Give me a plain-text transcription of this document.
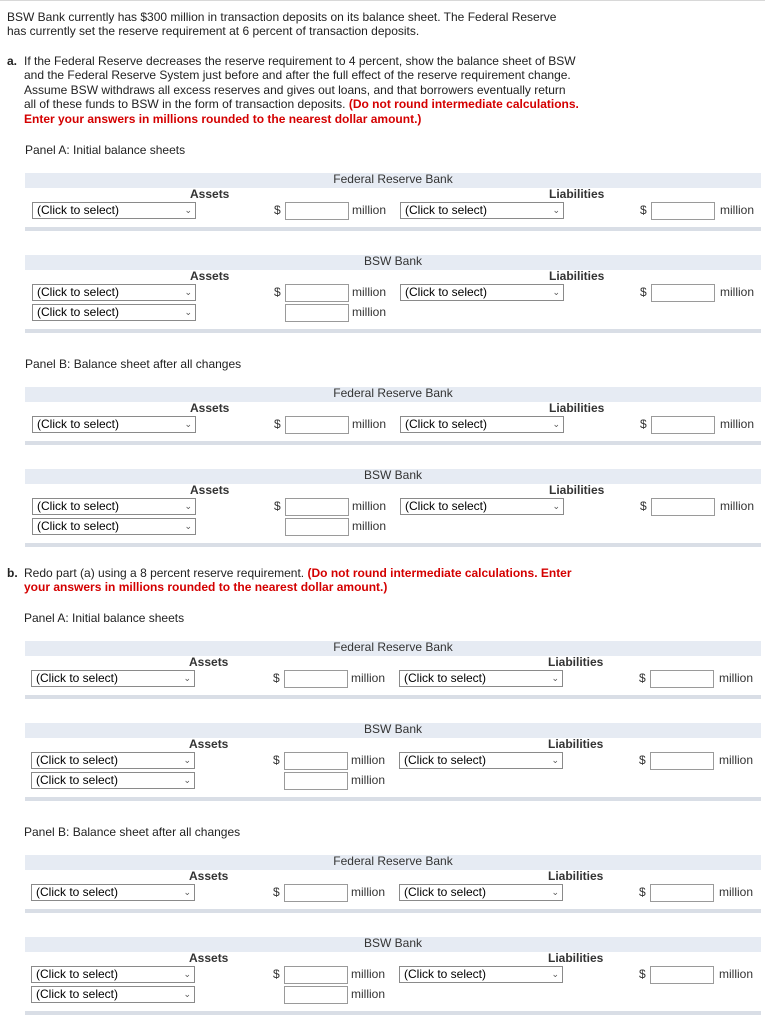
BSW Bank currently has $300 million in transaction deposits on its balance sheet. The Federal Reserve

has currently set the reserve requirement at 6 percent of transaction deposits.

a. If the Federal Reserve decreases the reserve requirement to 4 percent, show the balance sheet of BSW

and the Federal Reserve System just before and after the full effect of the reserve requirement change.

Assume BSW withdraws all excess reserves and gives out loans, and that borrowers eventually return

all of these funds to BSW in the form of transaction deposits. (Do not round intermediate calculations.

Enter your answers in millions rounded to the nearest dollar amount.)

b. Redo part (a) using a 8 percent reserve requirement. (Do not round intermediate calculations. Enter

your answers in millions rounded to the nearest dollar amount.)

Panel A: Initial balance sheets

Panel B: Balance sheet after all changes

Panel A: Initial balance sheets

Panel B: Balance sheet after all changes

Federal Reserve Bank
Assets	Liabilities
(Click to select)	⌄	$	million	(Click to select)	⌄	$	million
BSW Bank
Assets	Liabilities
(Click to select)	⌄	$	million	(Click to select)	⌄	$	million
(Click to select)	⌄	million
Federal Reserve Bank
Assets	Liabilities
(Click to select)	⌄	$	million	(Click to select)	⌄	$	million
BSW Bank
Assets	Liabilities
(Click to select)	⌄	$	million	(Click to select)	⌄	$	million
(Click to select)	⌄	million
Federal Reserve Bank
Assets	Liabilities
(Click to select)	⌄	$	million	(Click to select)	⌄	$	million
BSW Bank
Assets	Liabilities
(Click to select)	⌄	$	million	(Click to select)	⌄	$	million
(Click to select)	⌄	million
Federal Reserve Bank
Assets	Liabilities
(Click to select)	⌄	$	million	(Click to select)	⌄	$	million
BSW Bank
Assets	Liabilities
(Click to select)	⌄	$	million	(Click to select)	⌄	$	million
(Click to select)	⌄	million
